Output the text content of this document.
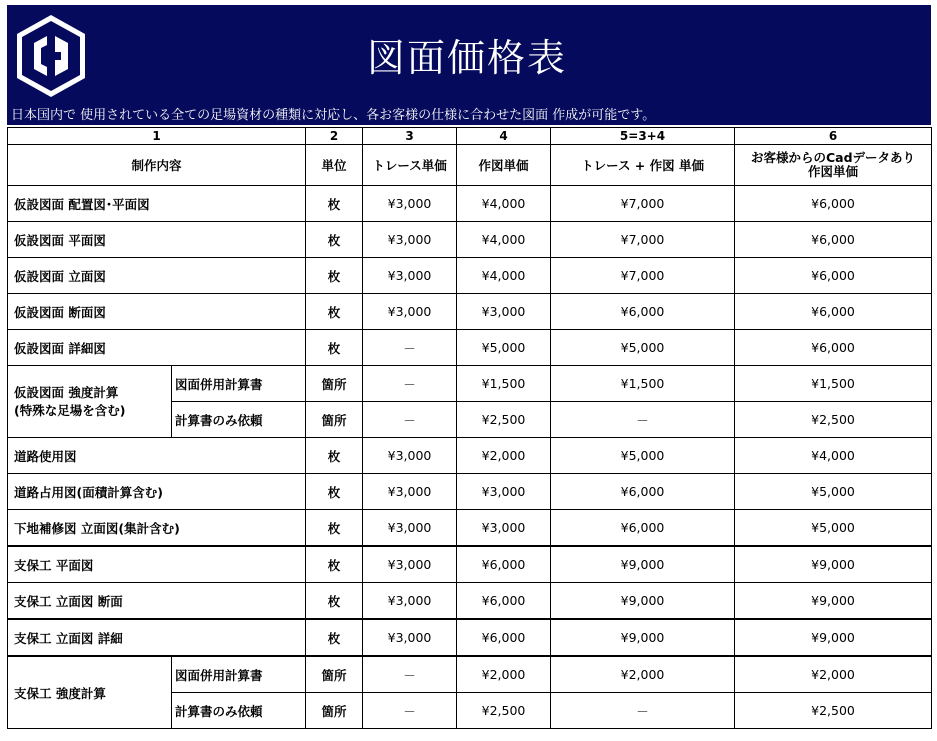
図面価格表
日本国内で 使用されている全ての足場資材の種類に対応し、各お客様の仕様に合わせた図面 作成が可能です。
1		2	3	4	5=3+4	6
制作内容		単位	トレース単価	作図単価	トレース + 作図 単価	お客様からのCadデータあり
作図単価
仮設図面 配置図･平面図		枚	¥3,000	¥4,000	¥7,000	¥6,000
仮設図面 平面図		枚	¥3,000	¥4,000	¥7,000	¥6,000
仮設図面 立面図		枚	¥3,000	¥4,000	¥7,000	¥6,000
仮設図面 断面図		枚	¥3,000	¥3,000	¥6,000	¥6,000
仮設図面 詳細図		枚	－	¥5,000	¥5,000	¥6,000
仮設図面 強度計算
(特殊な足場を含む)	図面併用計算書	箇所	－	¥1,500	¥1,500	¥1,500
	計算書のみ依頼	箇所	－	¥2,500	－	¥2,500
道路使用図		枚	¥3,000	¥2,000	¥5,000	¥4,000
道路占用図(面積計算含む)		枚	¥3,000	¥3,000	¥6,000	¥5,000
下地補修図 立面図(集計含む)		枚	¥3,000	¥3,000	¥6,000	¥5,000
支保工 平面図		枚	¥3,000	¥6,000	¥9,000	¥9,000
支保工 立面図 断面		枚	¥3,000	¥6,000	¥9,000	¥9,000
支保工 立面図 詳細		枚	¥3,000	¥6,000	¥9,000	¥9,000
支保工 強度計算	図面併用計算書	箇所	－	¥2,000	¥2,000	¥2,000
	計算書のみ依頼	箇所	－	¥2,500	－	¥2,500
